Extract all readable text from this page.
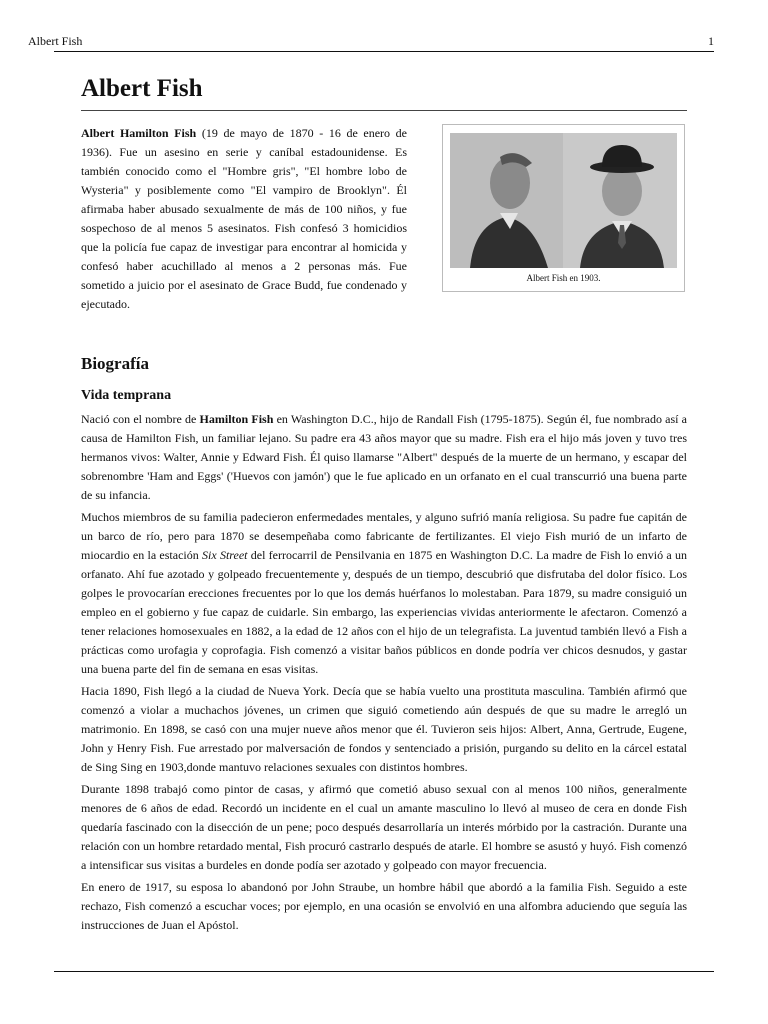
Albert Fish	1
Albert Fish

Albert Hamilton Fish (19 de mayo de 1870 - 16 de enero de 1936). Fue un asesino en serie y caníbal estadounidense. Es también conocido como el "Hombre gris", "El hombre lobo de Wysteria" y posiblemente como "El vampiro de Brooklyn". Él afirmaba haber abusado sexualmente de más de 100 niños, y fue sospechoso de al menos 5 asesinatos. Fish confesó 3 homicidios que la policía fue capaz de investigar para encontrar al homicida y confesó haber acuchillado al menos a 2 personas más. Fue sometido a juicio por el asesinato de Grace Budd, fue condenado y ejecutado.

Albert Fish en 1903.
Biografía
Vida temprana

Nació con el nombre de Hamilton Fish en Washington D.C., hijo de Randall Fish (1795-1875). Según él, fue nombrado así a causa de Hamilton Fish, un familiar lejano. Su padre era 43 años mayor que su madre. Fish era el hijo más joven y tuvo tres hermanos vivos: Walter, Annie y Edward Fish. Él quiso llamarse "Albert" después de la muerte de un hermano, y escapar del sobrenombre 'Ham and Eggs' ('Huevos con jamón') que le fue aplicado en un orfanato en el cual transcurrió una buena parte de su infancia.

Muchos miembros de su familia padecieron enfermedades mentales, y alguno sufrió manía religiosa. Su padre fue capitán de un barco de río, pero para 1870 se desempeñaba como fabricante de fertilizantes. El viejo Fish murió de un infarto de miocardio en la estación Six Street del ferrocarril de Pensilvania en 1875 en Washington D.C. La madre de Fish lo envió a un orfanato. Ahí fue azotado y golpeado frecuentemente y, después de un tiempo, descubrió que disfrutaba del dolor físico. Los golpes le provocarían erecciones frecuentes por lo que los demás huérfanos lo molestaban. Para 1879, su madre consiguió un empleo en el gobierno y fue capaz de cuidarle. Sin embargo, las experiencias vividas anteriormente le afectaron. Comenzó a tener relaciones homosexuales en 1882, a la edad de 12 años con el hijo de un telegrafista. La juventud también llevó a Fish a prácticas como urofagia y coprofagia. Fish comenzó a visitar baños públicos en donde podría ver chicos desnudos, y gastar una buena parte del fin de semana en esas visitas.

Hacia 1890, Fish llegó a la ciudad de Nueva York. Decía que se había vuelto una prostituta masculina. También afirmó que comenzó a violar a muchachos jóvenes, un crimen que siguió cometiendo aún después de que su madre le arregló un matrimonio. En 1898, se casó con una mujer nueve años menor que él. Tuvieron seis hijos: Albert, Anna, Gertrude, Eugene, John y Henry Fish. Fue arrestado por malversación de fondos y sentenciado a prisión, purgando su delito en la cárcel estatal de Sing Sing en 1903,donde mantuvo relaciones sexuales con distintos hombres.

Durante 1898 trabajó como pintor de casas, y afirmó que cometió abuso sexual con al menos 100 niños, generalmente menores de 6 años de edad. Recordó un incidente en el cual un amante masculino lo llevó al museo de cera en donde Fish quedaría fascinado con la disección de un pene; poco después desarrollaría un interés mórbido por la castración. Durante una relación con un hombre retardado mental, Fish procuró castrarlo después de atarle. El hombre se asustó y huyó. Fish comenzó a intensificar sus visitas a burdeles en donde podía ser azotado y golpeado con mayor frecuencia.

En enero de 1917, su esposa lo abandonó por John Straube, un hombre hábil que abordó a la familia Fish. Seguido a este rechazo, Fish comenzó a escuchar voces; por ejemplo, en una ocasión se envolvió en una alfombra aduciendo que seguía las instrucciones de Juan el Apóstol.
